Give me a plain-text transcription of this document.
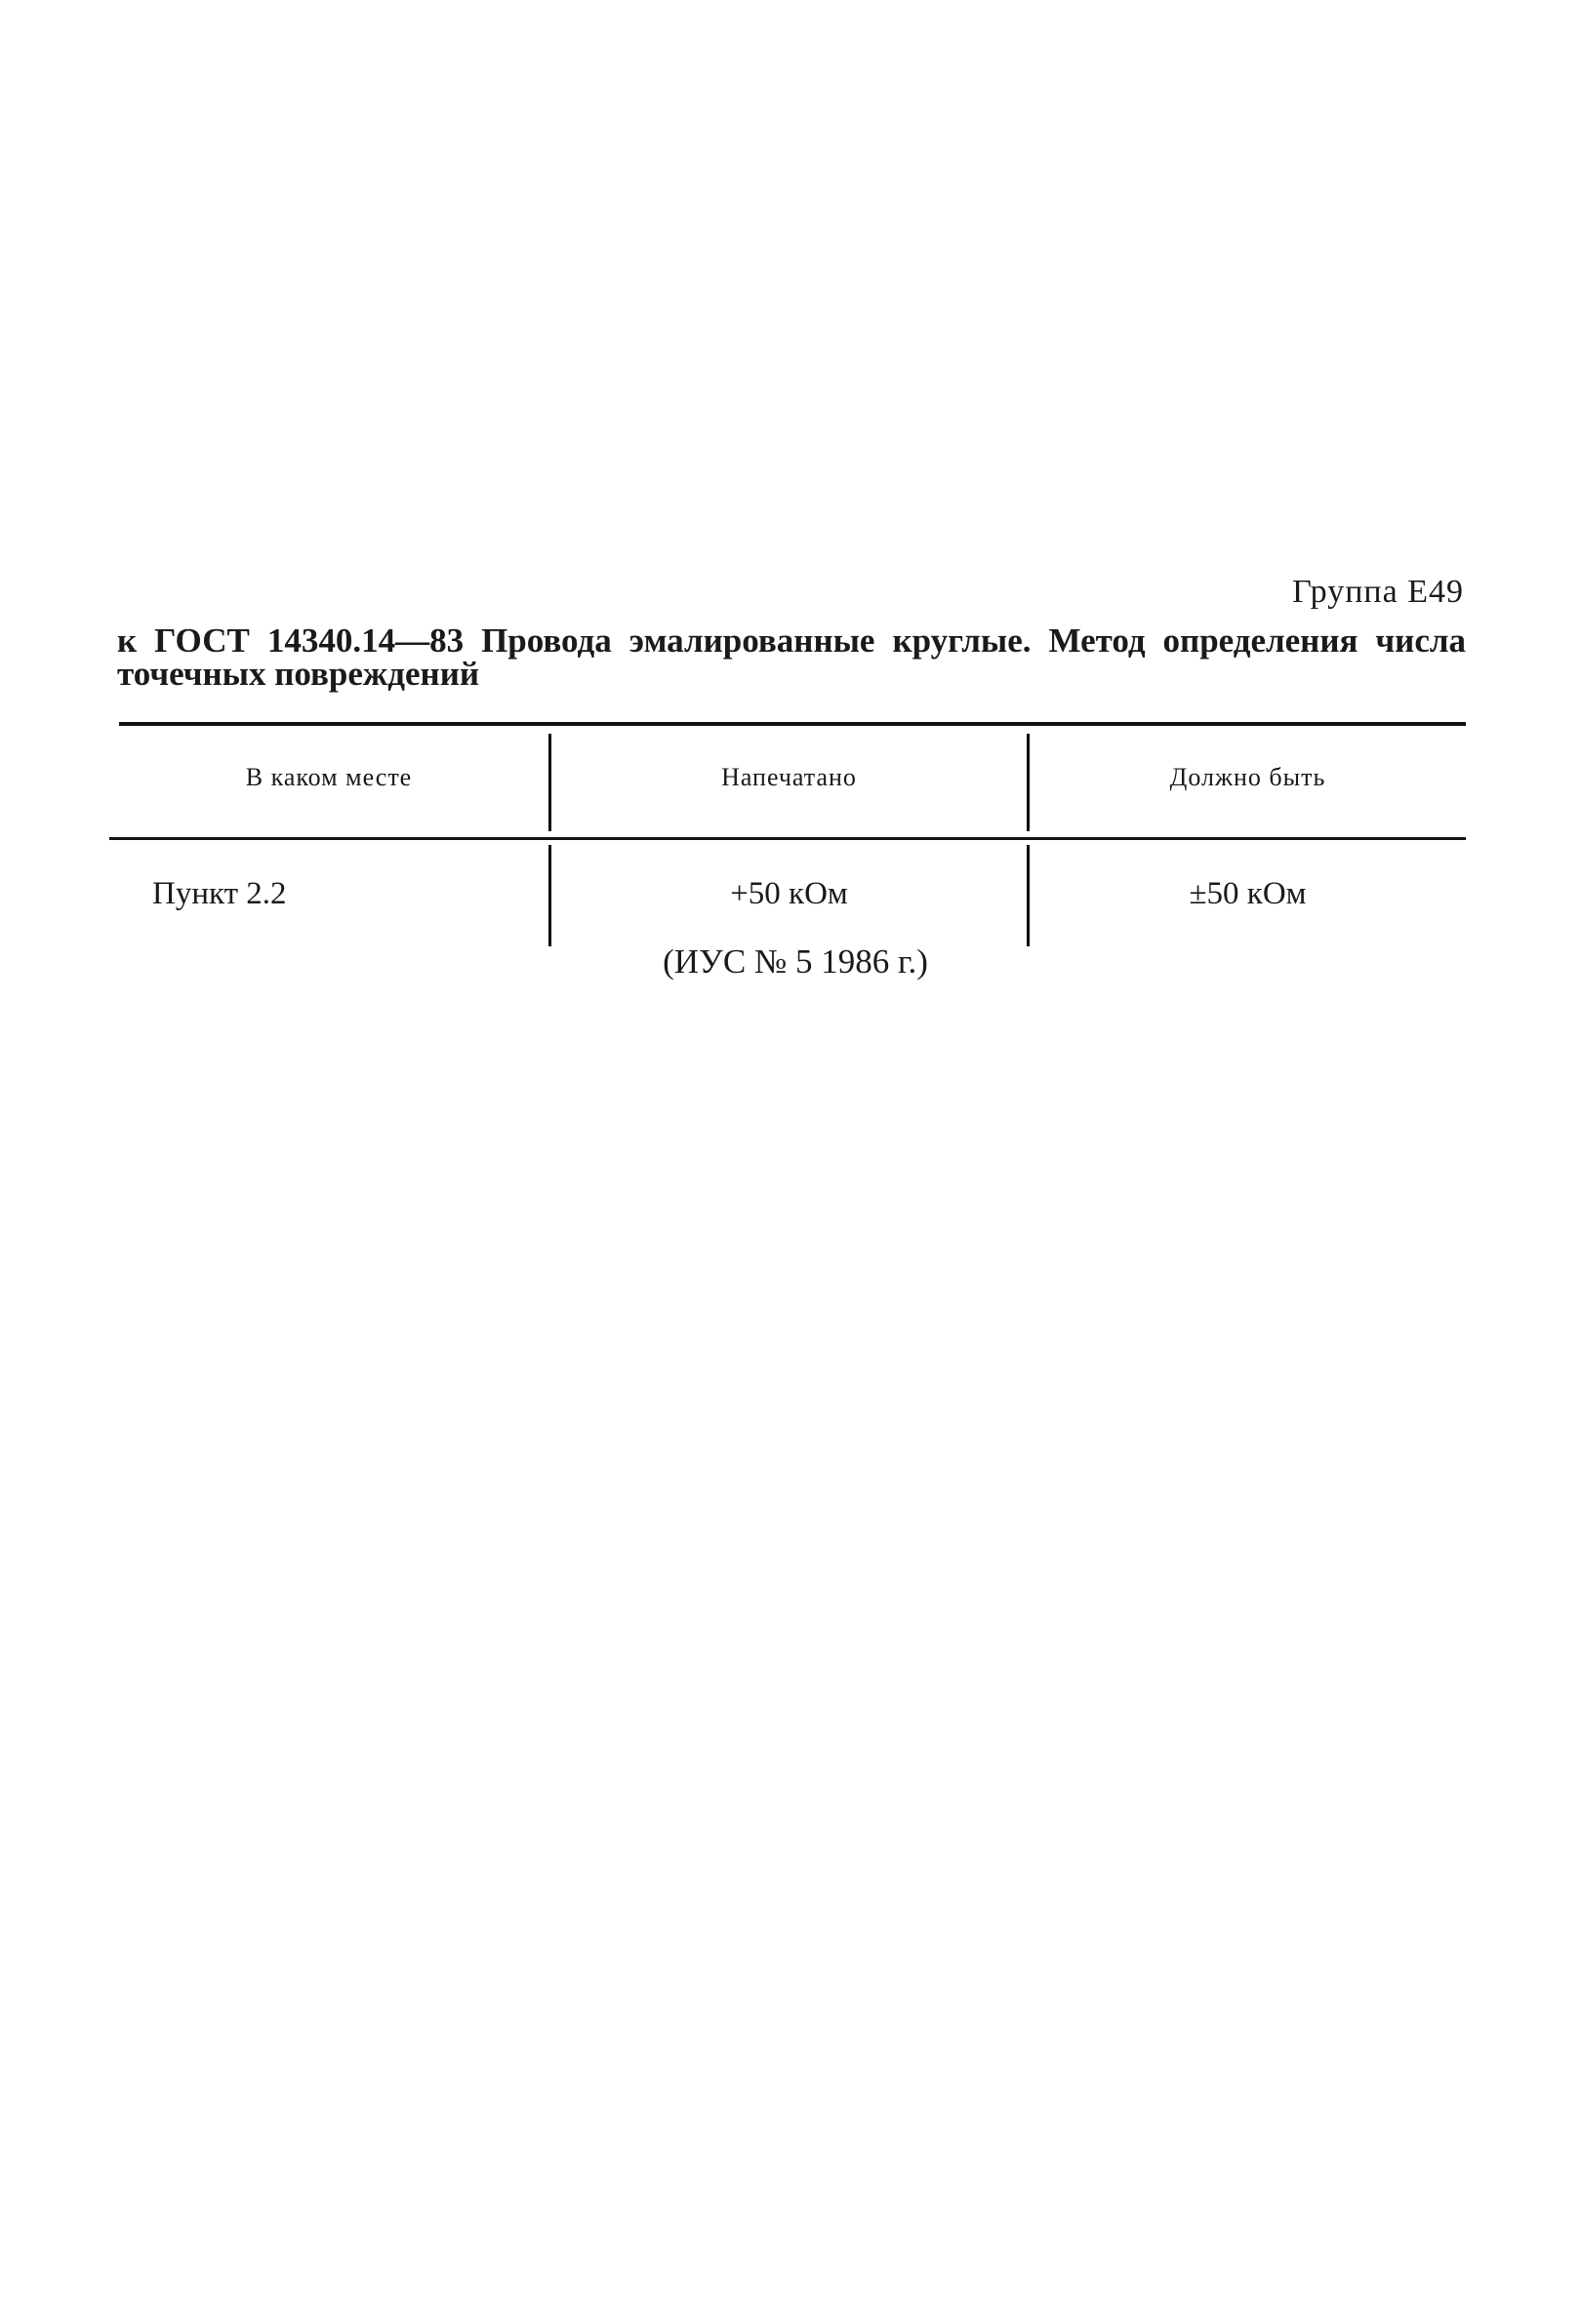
Группа Е49
к ГОСТ 14340.14—83 Провода эмалированные круглые. Метод определения числа точечных повреждений
В каком месте	Напечатано	Должно быть
Пункт 2.2	+50 кОм	±50 кОм
(ИУС № 5 1986 г.)
